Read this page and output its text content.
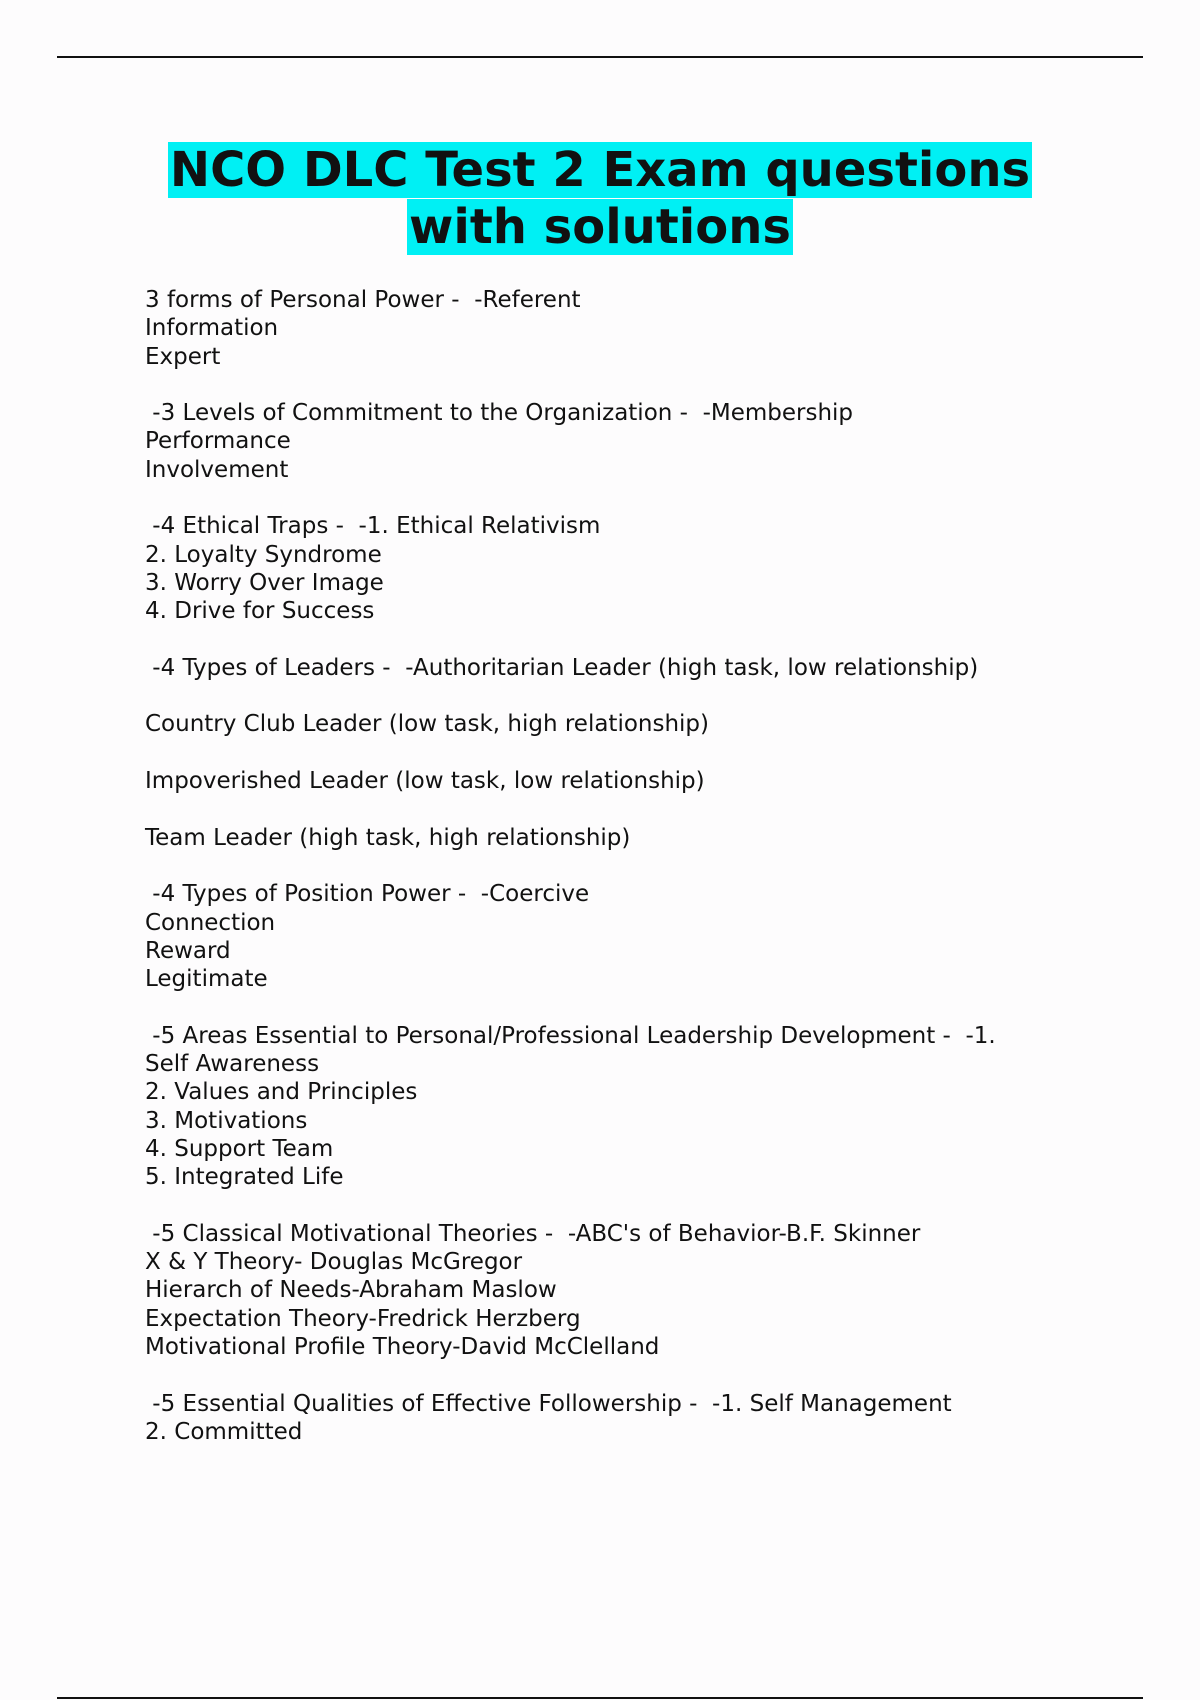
NCO DLC Test 2 Exam questions
with solutions
3 forms of Personal Power -  -Referent
Information
Expert
-3 Levels of Commitment to the Organization -  -Membership
Performance
Involvement
-4 Ethical Traps -  -1. Ethical Relativism
2. Loyalty Syndrome
3. Worry Over Image
4. Drive for Success
-4 Types of Leaders -  -Authoritarian Leader (high task, low relationship)
Country Club Leader (low task, high relationship)
Impoverished Leader (low task, low relationship)
Team Leader (high task, high relationship)
-4 Types of Position Power -  -Coercive
Connection
Reward
Legitimate
-5 Areas Essential to Personal/Professional Leadership Development -  -1.
Self Awareness
2. Values and Principles
3. Motivations
4. Support Team
5. Integrated Life
-5 Classical Motivational Theories -  -ABC's of Behavior-B.F. Skinner
X & Y Theory- Douglas McGregor
Hierarch of Needs-Abraham Maslow
Expectation Theory-Fredrick Herzberg
Motivational Profile Theory-David McClelland
-5 Essential Qualities of Effective Followership -  -1. Self Management
2. Committed
